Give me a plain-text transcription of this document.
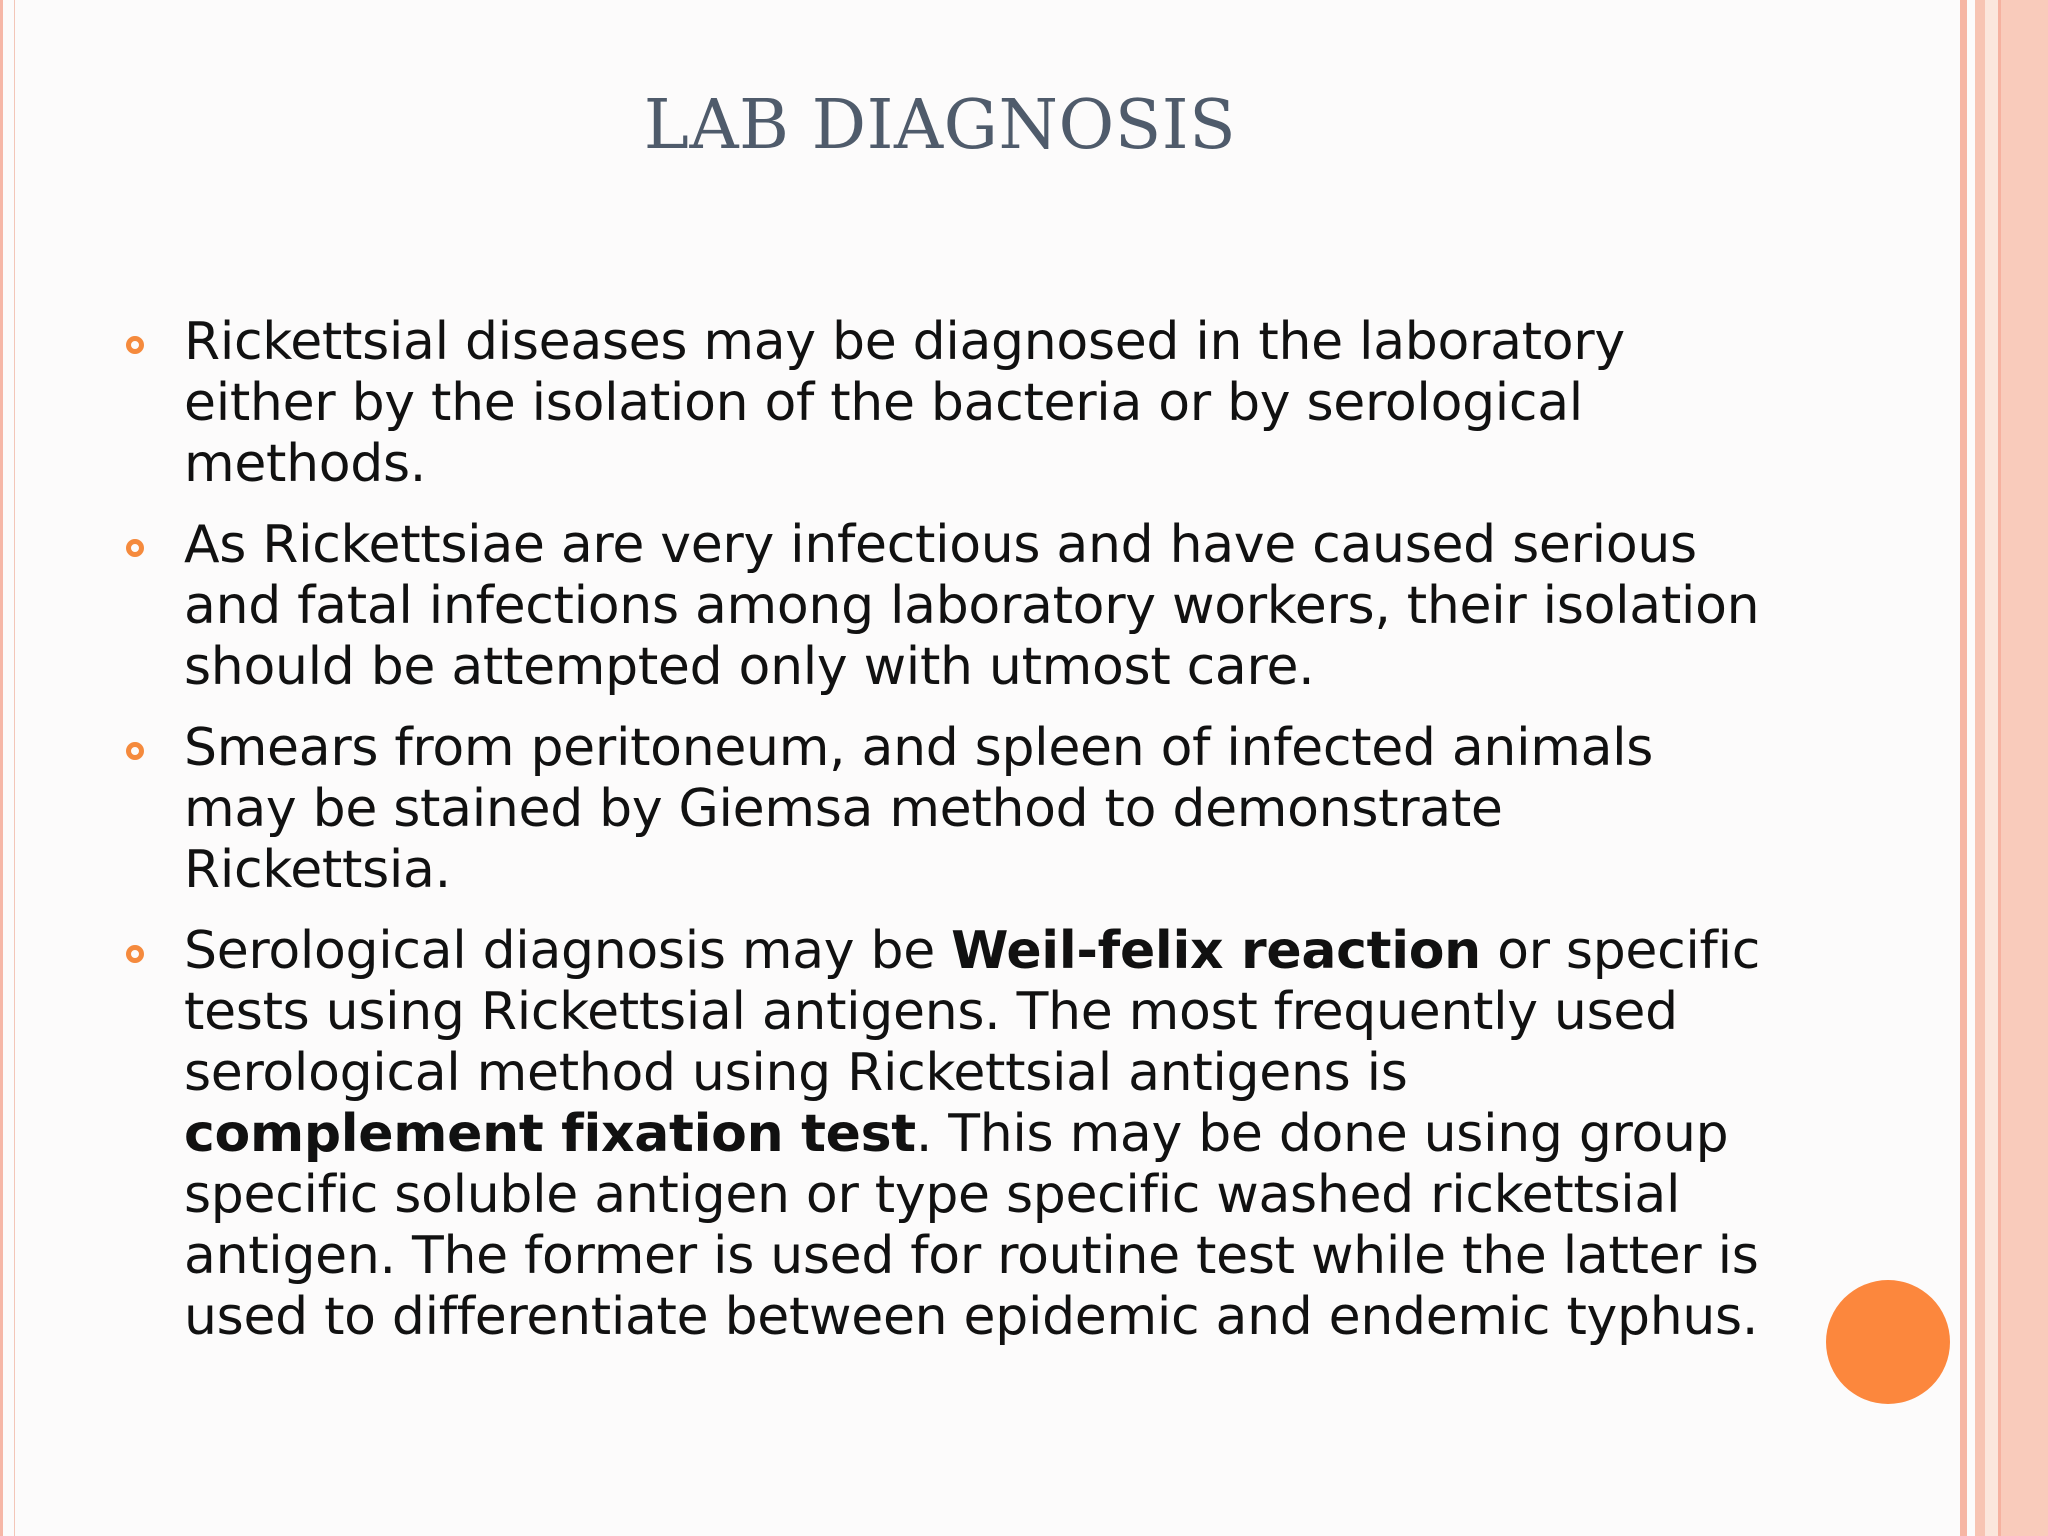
LAB DIAGNOSIS
Rickettsial diseases may be diagnosed in the laboratory either by the isolation of the bacteria or by serological methods.
As Rickettsiae are very infectious and have caused serious and fatal infections among laboratory workers, their isolation should be attempted only with utmost care.
Smears from peritoneum, and spleen of infected animals may be stained by Giemsa method to demonstrate Rickettsia.
Serological diagnosis may be Weil-felix reaction or specific tests using Rickettsial antigens. The most frequently used serological method using Rickettsial antigens is complement fixation test. This may be done using group specific soluble antigen or type specific washed rickettsial antigen. The former is used for routine test while the latter is used to differentiate between epidemic and endemic typhus.
